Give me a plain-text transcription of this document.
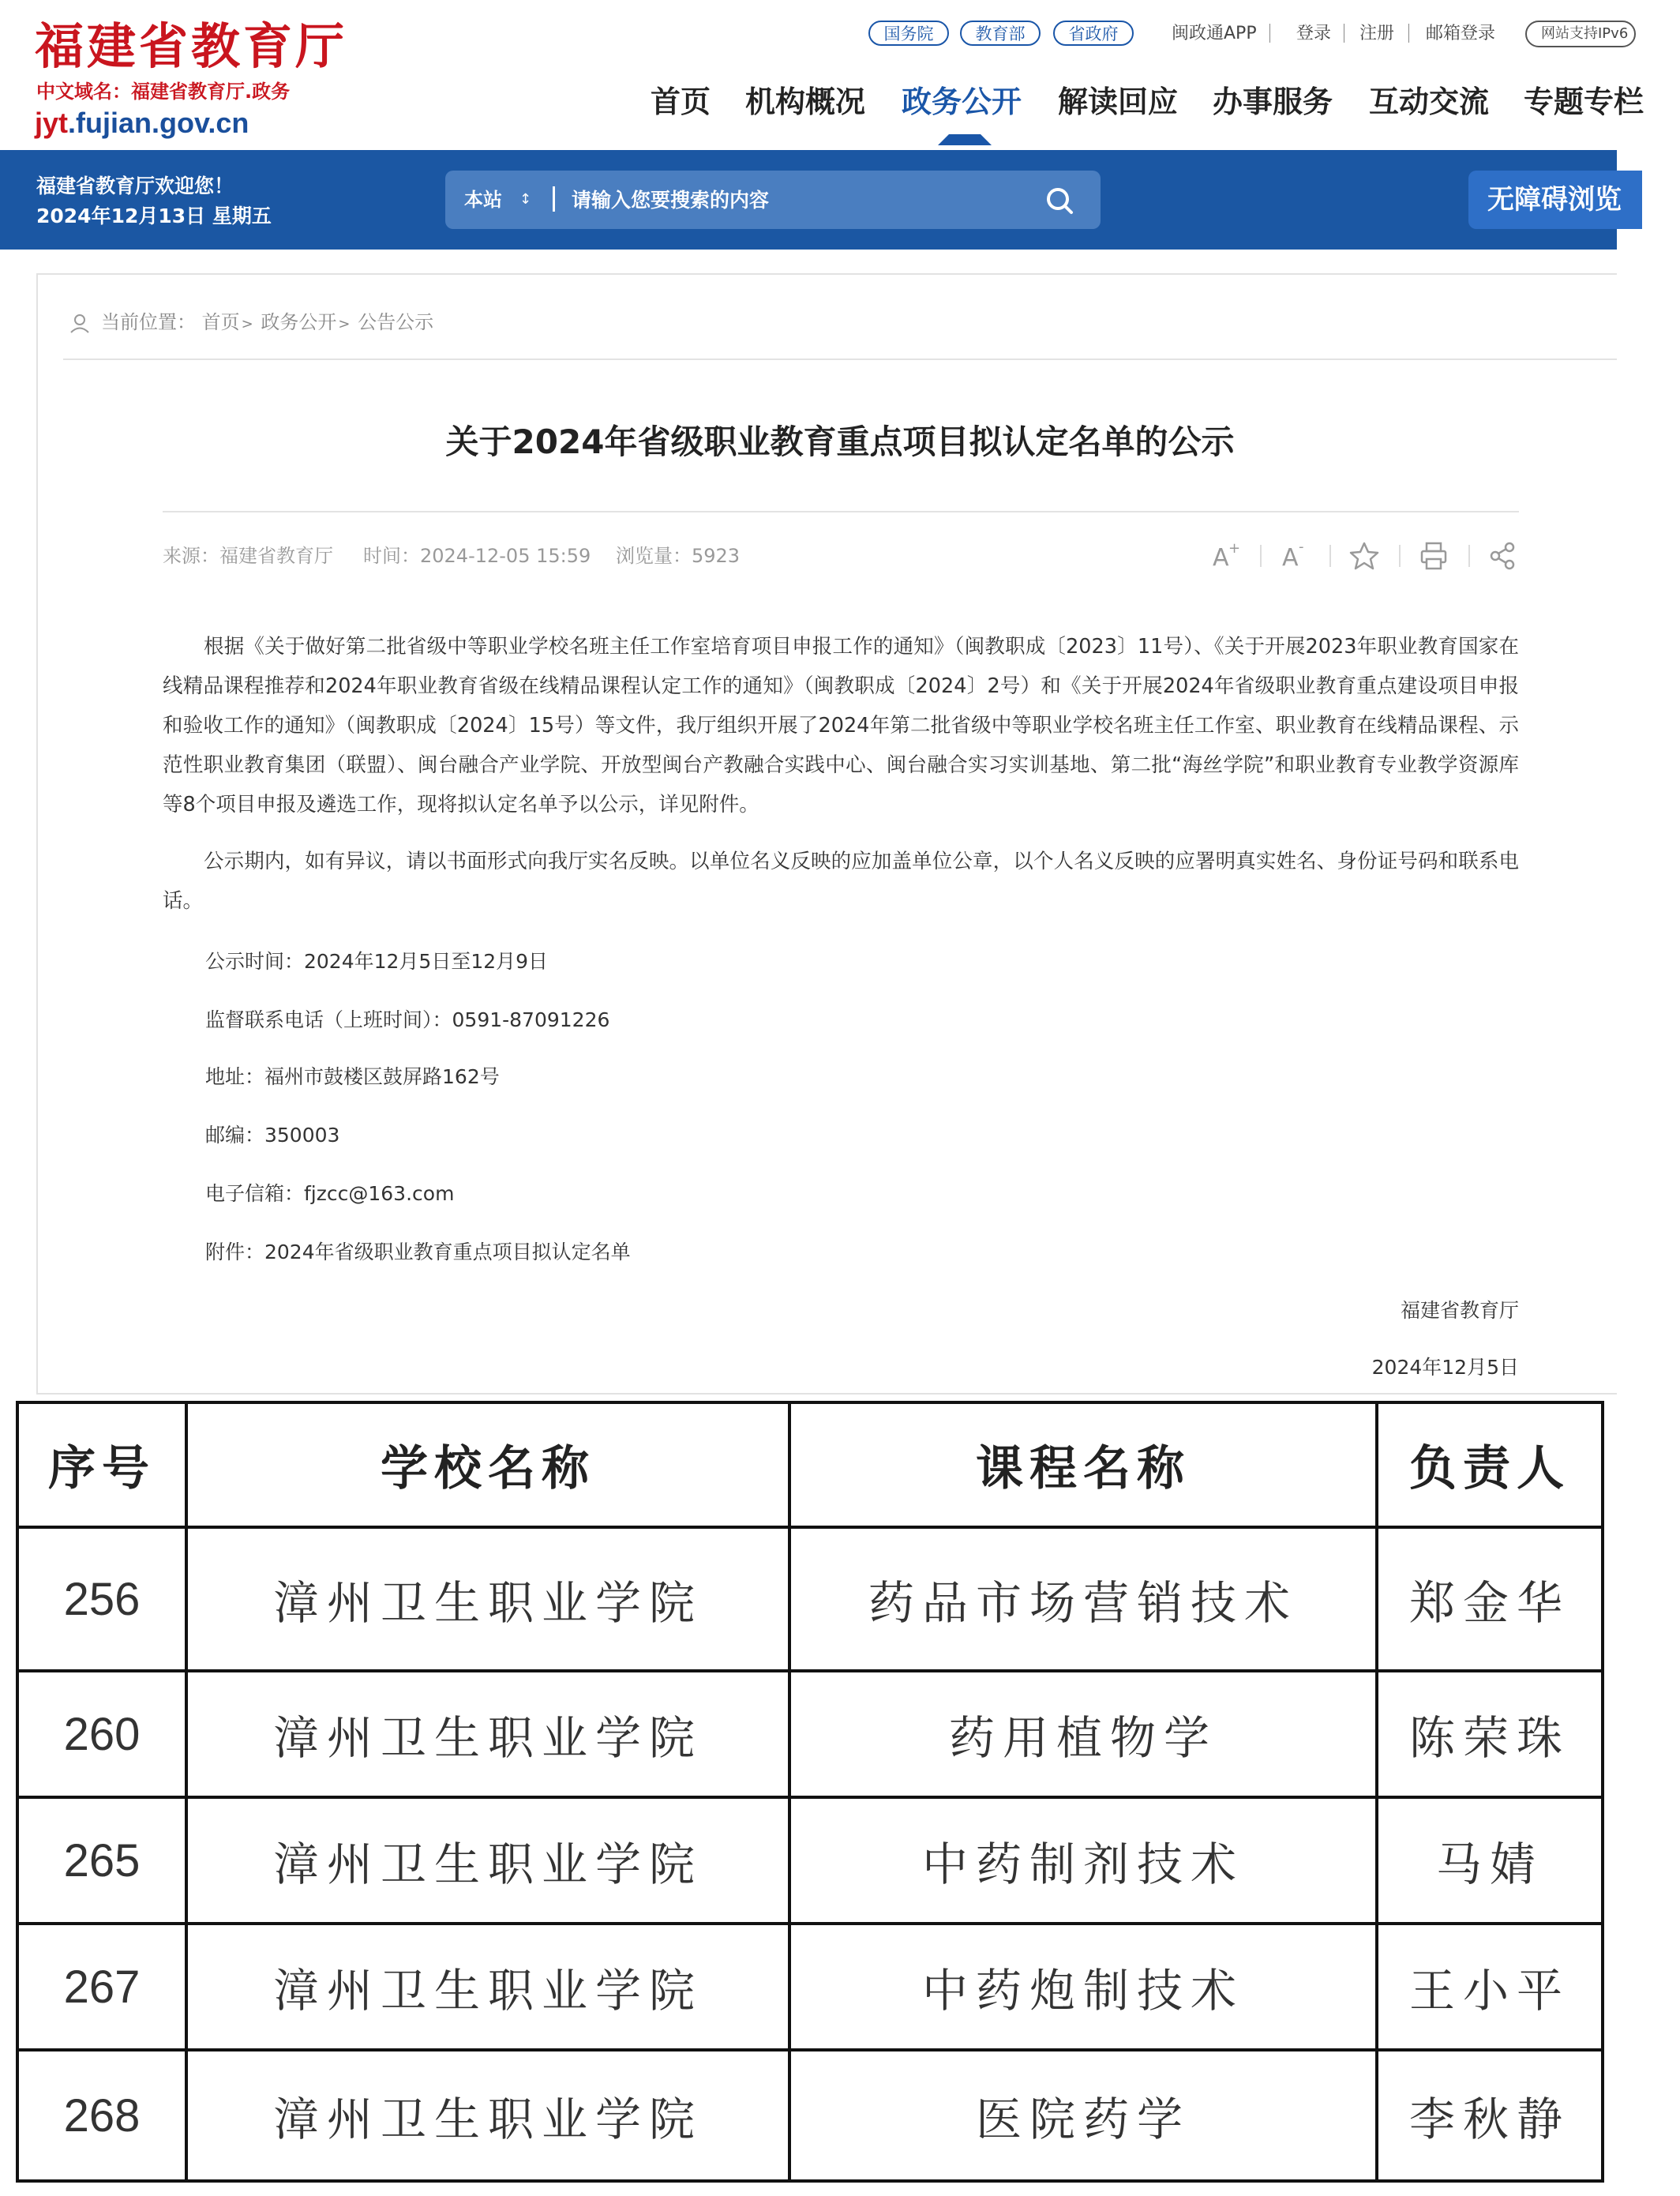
福建省教育厅
中文域名：福建省教育厅.政务
jyt.fujian.gov.cn
国务院	教育部	省政府	闽政通APP 登录 注册 邮箱登录	网站支持IPv6
首页 机构概况 政务公开 解读回应 办事服务 互动交流 专题专栏
福建省教育厅欢迎您！
2024年12月13日 星期五
本站 ↕
请输入您要搜索的内容	无障碍浏览
当前位置： 首页 > 政务公开 > 公告公示
关于2024年省级职业教育重点项目拟认定名单的公示
来源：福建省教育厅 时间：2024-12-05 15:59 浏览量：5923	A + A -

根据《关于做好第二批省级中等职业学校名班主任工作室培育项目申报工作的通知》（闽教职成〔2023〕11号）、《关于开展2023年职业教育国家在线精品课程推荐和2024年职业教育省级在线精品课程认定工作的通知》（闽教职成〔2024〕2号）和《关于开展2024年省级职业教育重点建设项目申报和验收工作的通知》（闽教职成〔2024〕15号）等文件，我厅组织开展了2024年第二批省级中等职业学校名班主任工作室、职业教育在线精品课程、示范性职业教育集团（联盟）、闽台融合产业学院、开放型闽台产教融合实践中心、闽台融合实习实训基地、第二批“海丝学院”和职业教育专业教学资源库等8个项目申报及遴选工作，现将拟认定名单予以公示，详见附件。

公示期内，如有异议，请以书面形式向我厅实名反映。以单位名义反映的应加盖单位公章，以个人名义反映的应署明真实姓名、身份证号码和联系电话。

公示时间：2024年12月5日至12月9日
监督联系电话（上班时间）：0591-87091226
地址：福州市鼓楼区鼓屏路162号
邮编：350003
电子信箱：fjzcc@163.com
附件：2024年省级职业教育重点项目拟认定名单
福建省教育厅
2024年12月5日
序号	学校名称	课程名称	负责人
256	漳州卫生职业学院	药品市场营销技术	郑金华
260	漳州卫生职业学院	药用植物学	陈荣珠
265	漳州卫生职业学院	中药制剂技术	马婧
267	漳州卫生职业学院	中药炮制技术	王小平
268	漳州卫生职业学院	医院药学	李秋静
